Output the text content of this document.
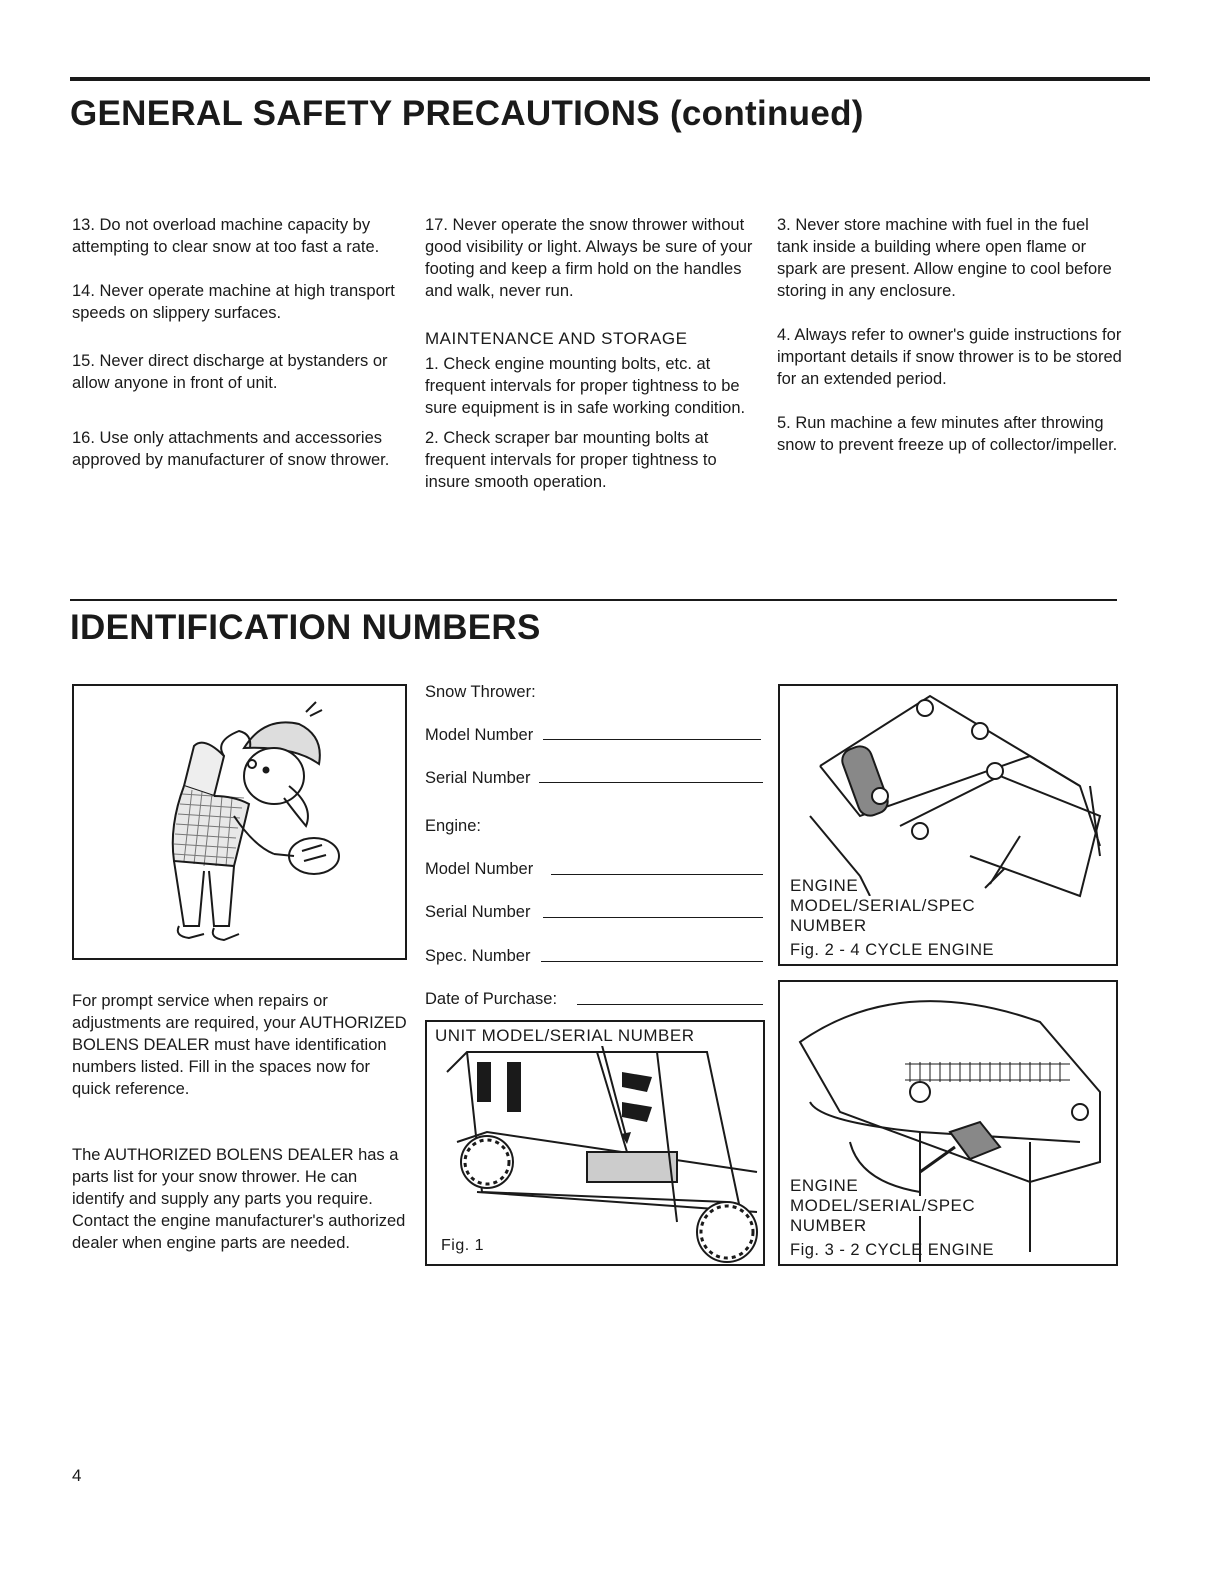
GENERAL SAFETY PRECAUTIONS (continued)

13. Do not overload machine capacity by attempting to clear snow at too fast a rate.

14. Never operate machine at high transport speeds on slippery surfaces.

15. Never direct discharge at bystanders or allow anyone in front of unit.

16. Use only attachments and accessories approved by manufacturer of snow thrower.

17. Never operate the snow thrower without good visibility or light. Always be sure of your footing and keep a firm hold on the handles and walk, never run.

MAINTENANCE AND STORAGE

1. Check engine mounting bolts, etc. at frequent intervals for proper tightness to be sure equipment is in safe working condition.

2. Check scraper bar mounting bolts at frequent intervals for proper tightness to insure smooth operation.

3. Never store machine with fuel in the fuel tank inside a building where open flame or spark are present. Allow engine to cool before storing in any enclosure.

4. Always refer to owner's guide instructions for important details if snow thrower is to be stored for an extended period.

5. Run machine a few minutes after throwing snow to prevent freeze up of collector/impeller.

IDENTIFICATION NUMBERS
Snow Thrower:
Model Number
Serial Number
Engine:
Model Number
Serial Number
Spec. Number
Date of Purchase:

For prompt service when repairs or adjustments are required, your AUTHORIZED BOLENS DEALER must have identification numbers listed. Fill in the spaces now for quick reference.

The AUTHORIZED BOLENS DEALER has a parts list for your snow thrower. He can identify and supply any parts you require. Contact the engine manufacturer's authorized dealer when engine parts are needed.

UNIT MODEL/SERIAL NUMBER
Fig. 1
ENGINE
MODEL/SERIAL/SPEC
NUMBER
Fig. 2 - 4 CYCLE ENGINE
ENGINE
MODEL/SERIAL/SPEC
NUMBER
Fig. 3 - 2 CYCLE ENGINE
4
